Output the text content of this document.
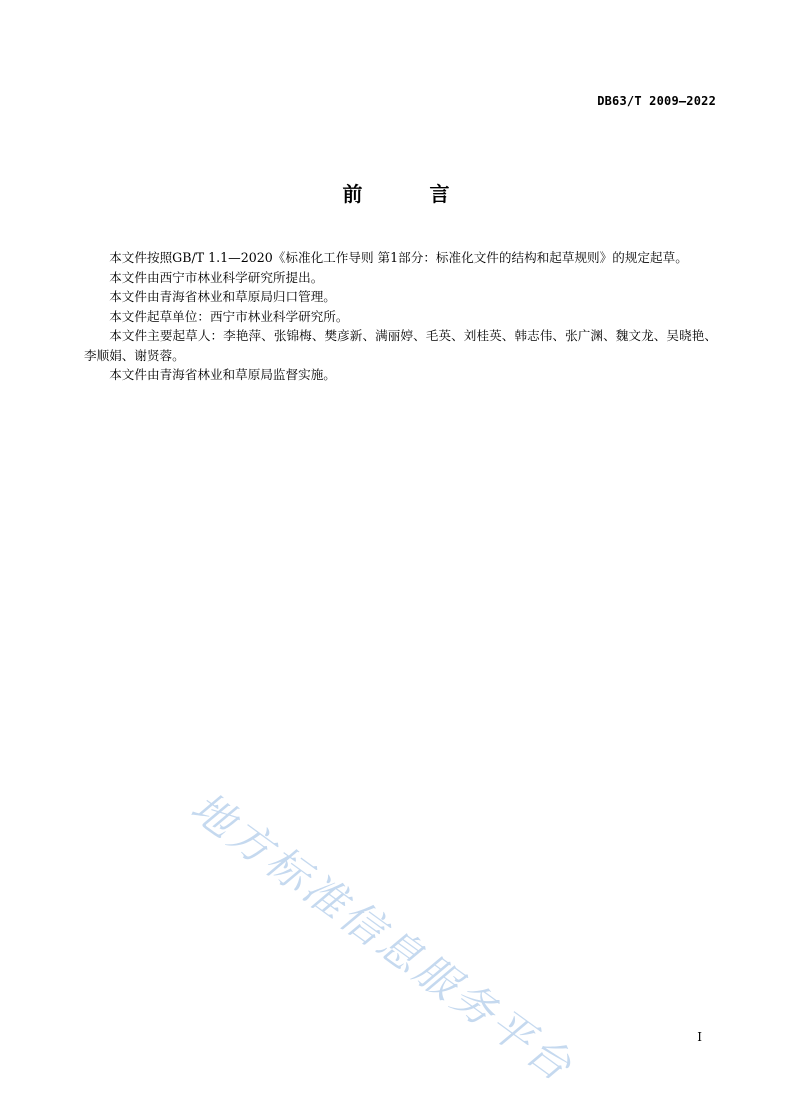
DB63/T 2009—2022
前 言

本文件按照GB/T 1.1—2020《标准化工作导则 第1部分：标准化文件的结构和起草规则》的规定起草。

本文件由西宁市林业科学研究所提出。

本文件由青海省林业和草原局归口管理。

本文件起草单位：西宁市林业科学研究所。

本文件主要起草人：李艳萍、张锦梅、樊彦新、满丽婷、毛英、刘桂英、韩志伟、张广渊、魏文龙、吴晓艳、李顺娟、谢贤蓉。

本文件由青海省林业和草原局监督实施。

地方标准信息服务平台	I
